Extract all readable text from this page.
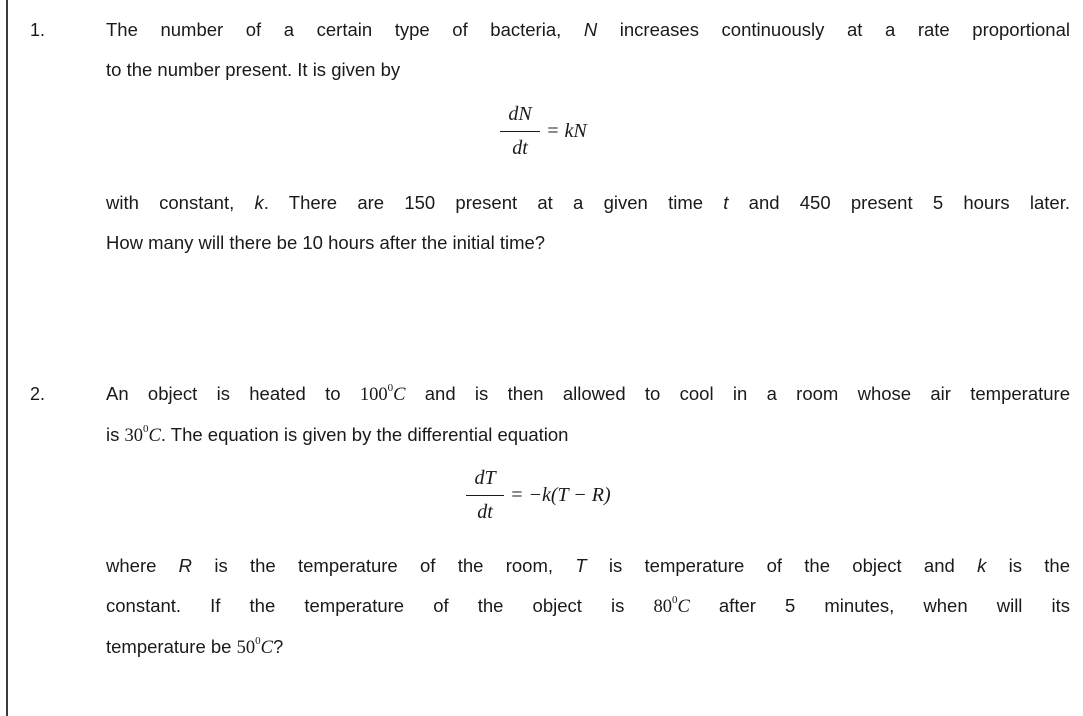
1.	The number of a certain type of bacteria, N increases continuously at a rate proportional
to the number present. It is given by
dN
dt
= kN
with constant, k. There are 150 present at a given time t and 450 present 5 hours later.
How many will there be 10 hours after the initial time?
2.	An object is heated to $100^0C$ and is then allowed to cool in a room whose air temperature
is $30^0C$. The equation is given by the differential equation
dT
dt
= −k(T − R)
where R is the temperature of the room, T is temperature of the object and k is the
constant. If the temperature of the object is $80^0C$ after 5 minutes, when will its
temperature be $50^0C$?
